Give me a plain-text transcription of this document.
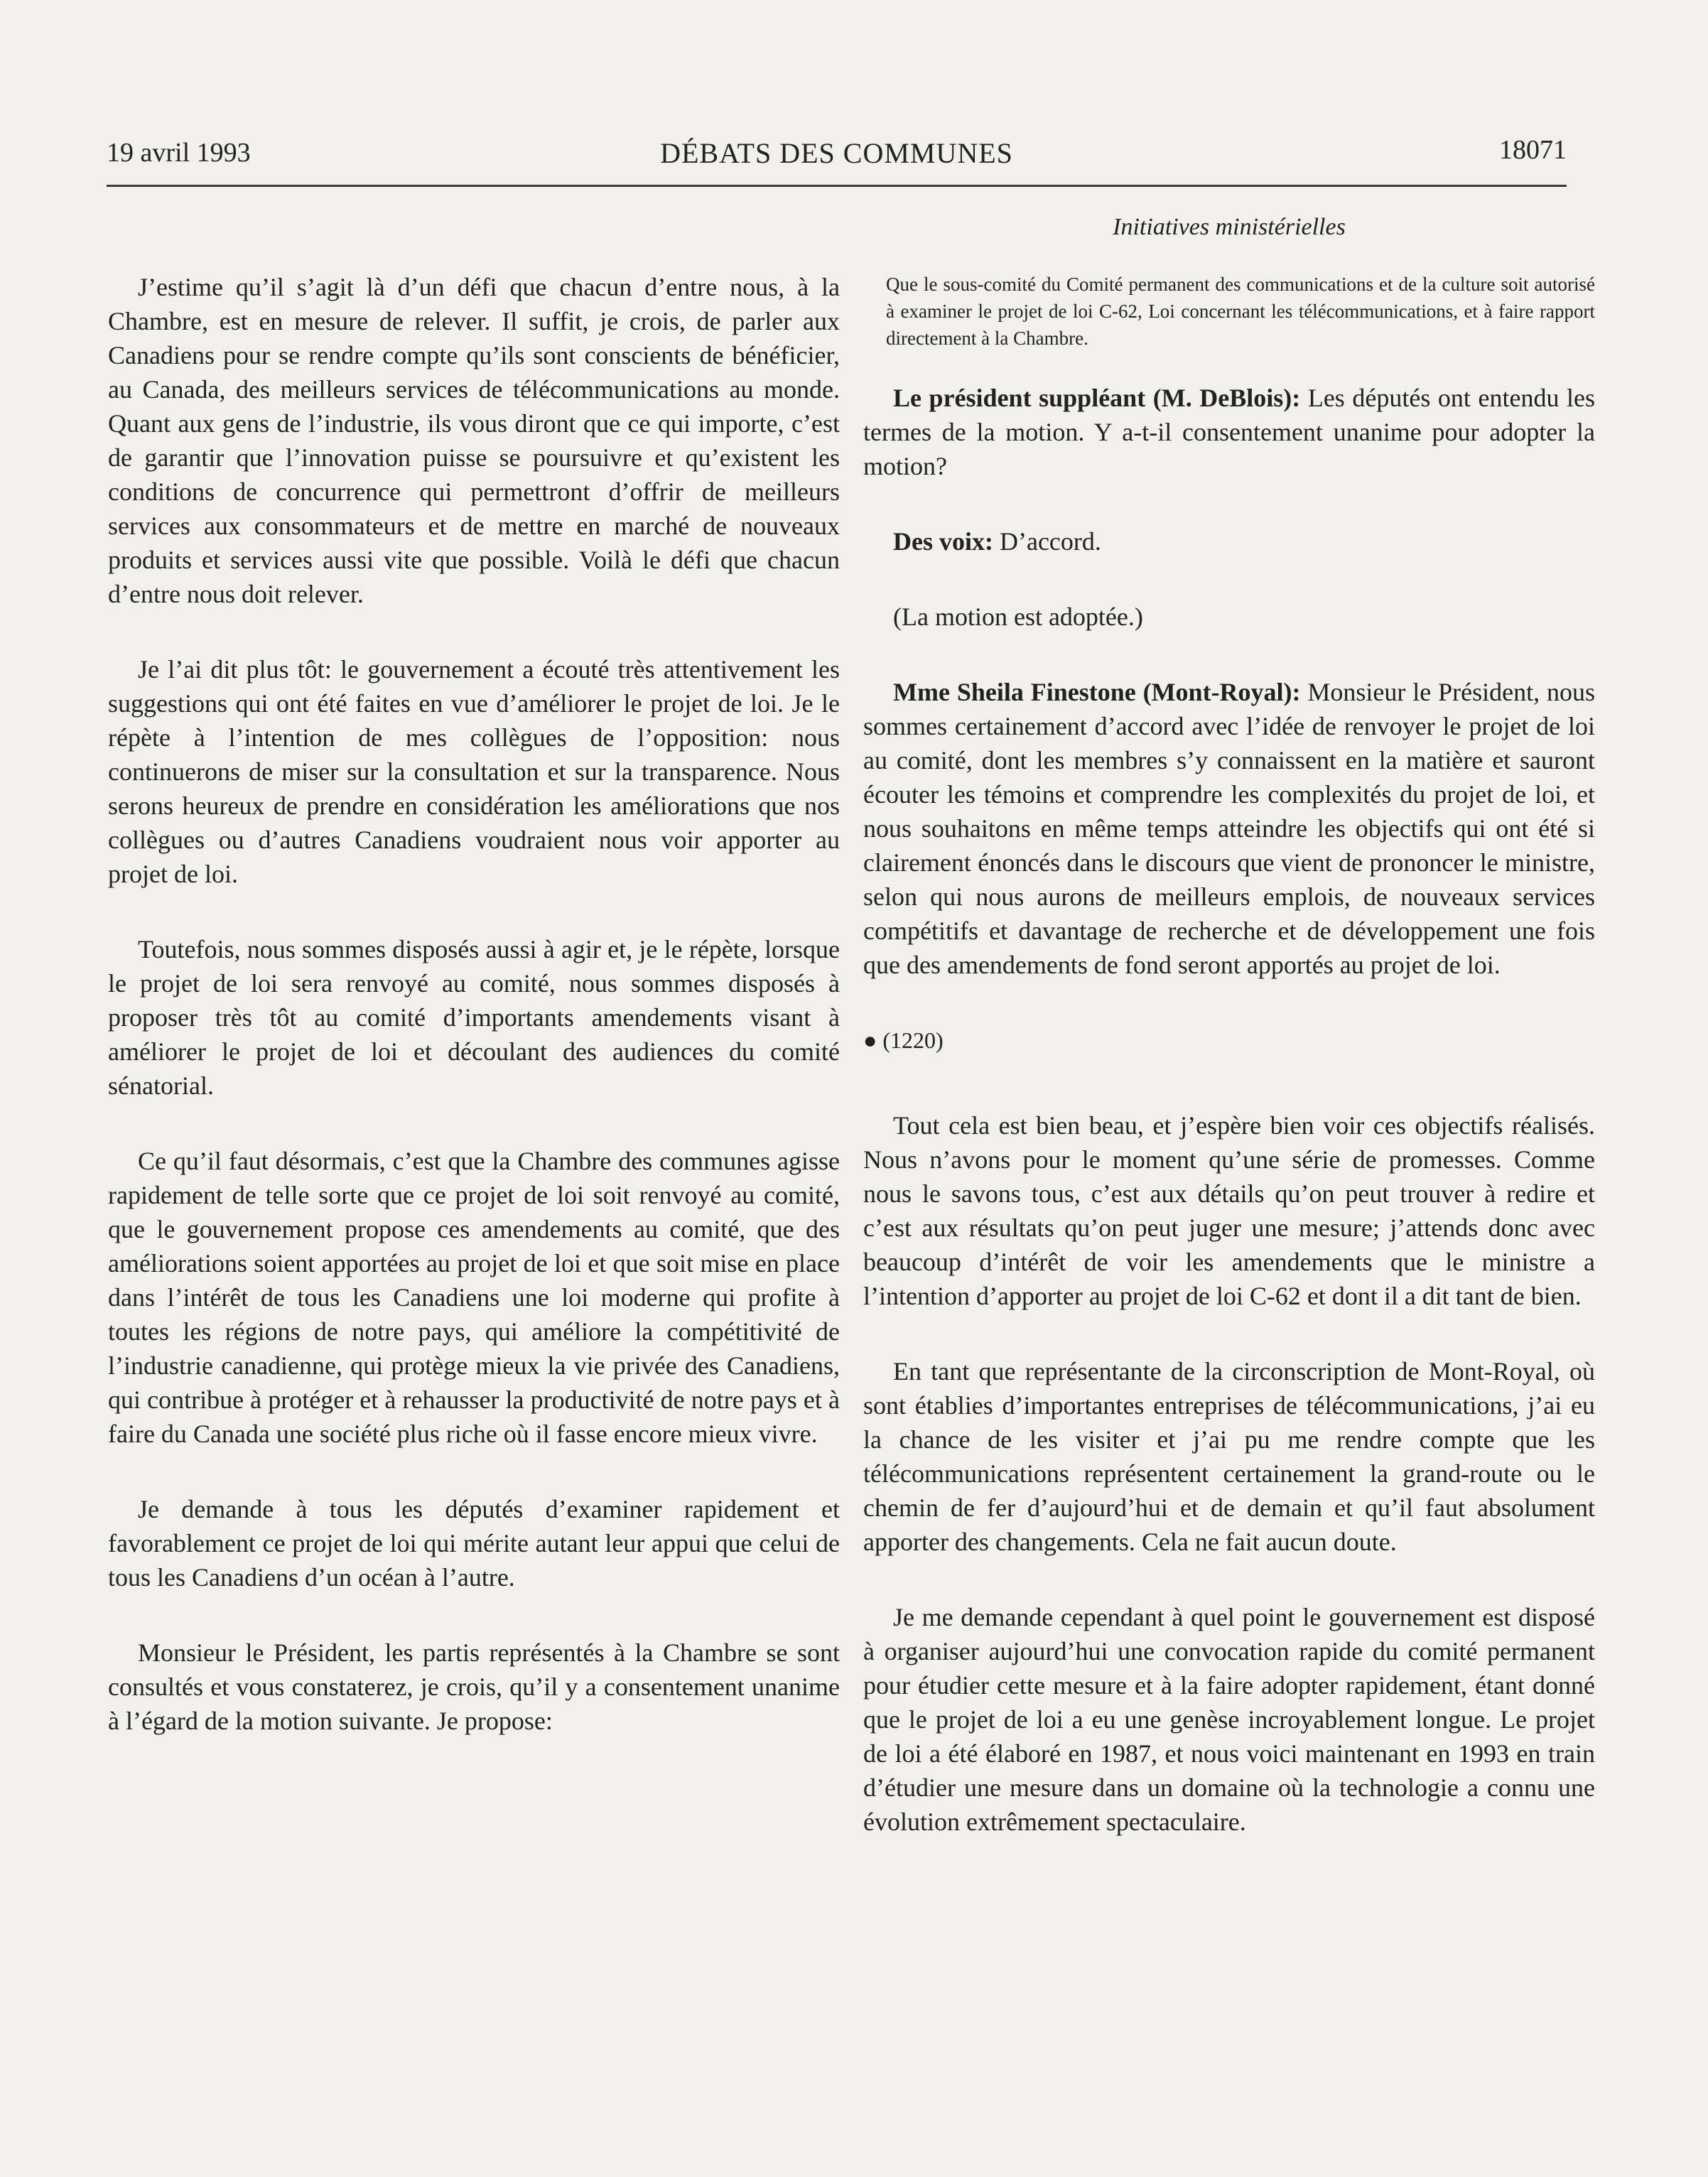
19 avril 1993	DÉBATS DES COMMUNES	18071

J’estime qu’il s’agit là d’un défi que chacun d’entre nous, à la Chambre, est en mesure de relever. Il suffit, je crois, de parler aux Canadiens pour se rendre compte qu’ils sont conscients de bénéficier, au Canada, des meilleurs services de télécommunications au monde. Quant aux gens de l’industrie, ils vous diront que ce qui importe, c’est de garantir que l’innovation puisse se poursuivre et qu’existent les conditions de concurrence qui permettront d’offrir de meilleurs services aux consommateurs et de mettre en marché de nouveaux produits et services aussi vite que possible. Voilà le défi que chacun d’entre nous doit relever.

Je l’ai dit plus tôt: le gouvernement a écouté très attentivement les suggestions qui ont été faites en vue d’améliorer le projet de loi. Je le répète à l’intention de mes collègues de l’opposition: nous continuerons de miser sur la consultation et sur la transparence. Nous serons heureux de prendre en considération les améliorations que nos collègues ou d’autres Canadiens voudraient nous voir apporter au projet de loi.

Toutefois, nous sommes disposés aussi à agir et, je le répète, lorsque le projet de loi sera renvoyé au comité, nous sommes disposés à proposer très tôt au comité d’importants amendements visant à améliorer le projet de loi et découlant des audiences du comité sénatorial.

Ce qu’il faut désormais, c’est que la Chambre des communes agisse rapidement de telle sorte que ce projet de loi soit renvoyé au comité, que le gouvernement propose ces amendements au comité, que des améliorations soient apportées au projet de loi et que soit mise en place dans l’intérêt de tous les Canadiens une loi moderne qui profite à toutes les régions de notre pays, qui améliore la compétitivité de l’industrie canadienne, qui protège mieux la vie privée des Canadiens, qui contribue à protéger et à rehausser la productivité de notre pays et à faire du Canada une société plus riche où il fasse encore mieux vivre.

Je demande à tous les députés d’examiner rapidement et favorablement ce projet de loi qui mérite autant leur appui que celui de tous les Canadiens d’un océan à l’autre.

Monsieur le Président, les partis représentés à la Chambre se sont consultés et vous constaterez, je crois, qu’il y a consentement unanime à l’égard de la motion suivante. Je propose:

Initiatives ministérielles
Que le sous-comité du Comité permanent des communications et de la culture soit autorisé à examiner le projet de loi C-62, Loi concernant les télécommunications, et à faire rapport directement à la Chambre.

Le président suppléant (M. DeBlois): Les députés ont entendu les termes de la motion. Y a-t-il consentement unanime pour adopter la motion?

Des voix: D’accord.

(La motion est adoptée.)

Mme Sheila Finestone (Mont-Royal): Monsieur le Président, nous sommes certainement d’accord avec l’idée de renvoyer le projet de loi au comité, dont les membres s’y connaissent en la matière et sauront écouter les témoins et comprendre les complexités du projet de loi, et nous souhaitons en même temps atteindre les objectifs qui ont été si clairement énoncés dans le discours que vient de prononcer le ministre, selon qui nous aurons de meilleurs emplois, de nouveaux services compétitifs et davantage de recherche et de développement une fois que des amendements de fond seront apportés au projet de loi.

● (1220)

Tout cela est bien beau, et j’espère bien voir ces objectifs réalisés. Nous n’avons pour le moment qu’une série de promesses. Comme nous le savons tous, c’est aux détails qu’on peut trouver à redire et c’est aux résultats qu’on peut juger une mesure; j’attends donc avec beaucoup d’intérêt de voir les amendements que le ministre a l’intention d’apporter au projet de loi C-62 et dont il a dit tant de bien.

En tant que représentante de la circonscription de Mont-Royal, où sont établies d’importantes entreprises de télécommunications, j’ai eu la chance de les visiter et j’ai pu me rendre compte que les télécommunications représentent certainement la grand-route ou le chemin de fer d’aujourd’hui et de demain et qu’il faut absolument apporter des changements. Cela ne fait aucun doute.

Je me demande cependant à quel point le gouvernement est disposé à organiser aujourd’hui une convocation rapide du comité permanent pour étudier cette mesure et à la faire adopter rapidement, étant donné que le projet de loi a eu une genèse incroyablement longue. Le projet de loi a été élaboré en 1987, et nous voici maintenant en 1993 en train d’étudier une mesure dans un domaine où la technologie a connu une évolution extrêmement spectaculaire.
